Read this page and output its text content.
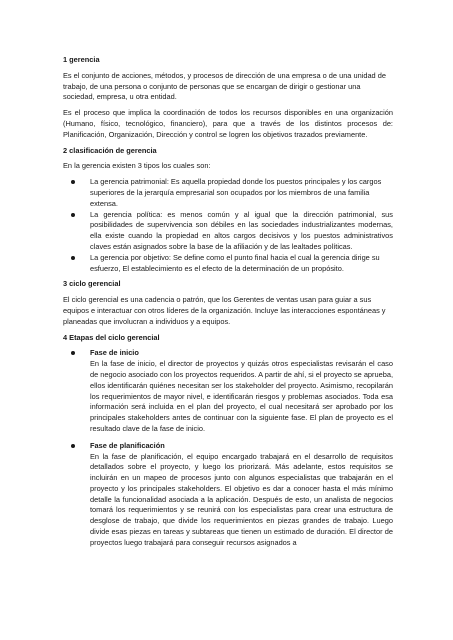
1 gerencia
Es el conjunto de acciones, métodos, y procesos de dirección de una empresa o de una unidad de trabajo, de una persona o conjunto de personas que se encargan de dirigir o gestionar una sociedad, empresa, u otra entidad.
Es el proceso que implica la coordinación de todos los recursos disponibles en una organización (Humano, físico, tecnológico, financiero), para que a través de los distintos procesos de: Planificación, Organización, Dirección y control se logren los objetivos trazados previamente.
2 clasificación de gerencia
En la gerencia existen 3 tipos los cuales son:
La gerencia patrimonial: Es aquella propiedad donde los puestos principales y los cargos superiores de la jerarquía empresarial son ocupados por los miembros de una familia extensa.
La gerencia política: es menos común y al igual que la dirección patrimonial, sus posibilidades de supervivencia son débiles en las sociedades industrializantes modernas, ella existe cuando la propiedad en altos cargos decisivos y los puestos administrativos claves están asignados sobre la base de la afiliación y de las lealtades políticas.
La gerencia por objetivo: Se define como el punto final hacia el cual la gerencia dirige su esfuerzo, El establecimiento es el efecto de la determinación de un propósito.
3 ciclo gerencial
El ciclo gerencial es una cadencia o patrón, que los Gerentes de ventas usan para guiar a sus equipos e interactuar con otros líderes de la organización. Incluye las interacciones espontáneas y planeadas que involucran a individuos y a equipos.
4 Etapas del ciclo gerencial
Fase de inicio
En la fase de inicio, el director de proyectos y quizás otros especialistas revisarán el caso de negocio asociado con los proyectos requeridos. A partir de ahí, si el proyecto se aprueba, ellos identificarán quiénes necesitan ser los stakeholder del proyecto. Asimismo, recopilarán los requerimientos de mayor nivel, e identificarán riesgos y problemas asociados. Toda esa información será incluida en el plan del proyecto, el cual necesitará ser aprobado por los principales stakeholders antes de continuar con la siguiente fase. El plan de proyecto es el resultado clave de la fase de inicio.
Fase de planificación
En la fase de planificación, el equipo encargado trabajará en el desarrollo de requisitos detallados sobre el proyecto, y luego los priorizará. Más adelante, estos requisitos se incluirán en un mapeo de procesos junto con algunos especialistas que trabajarán en el proyecto y los principales stakeholders. El objetivo es dar a conocer hasta el más mínimo detalle la funcionalidad asociada a la aplicación. Después de esto, un analista de negocios tomará los requerimientos y se reunirá con los especialistas para crear una estructura de desglose de trabajo, que divide los requerimientos en piezas grandes de trabajo. Luego divide esas piezas en tareas y subtareas que tienen un estimado de duración. El director de proyectos luego trabajará para conseguir recursos asignados a
